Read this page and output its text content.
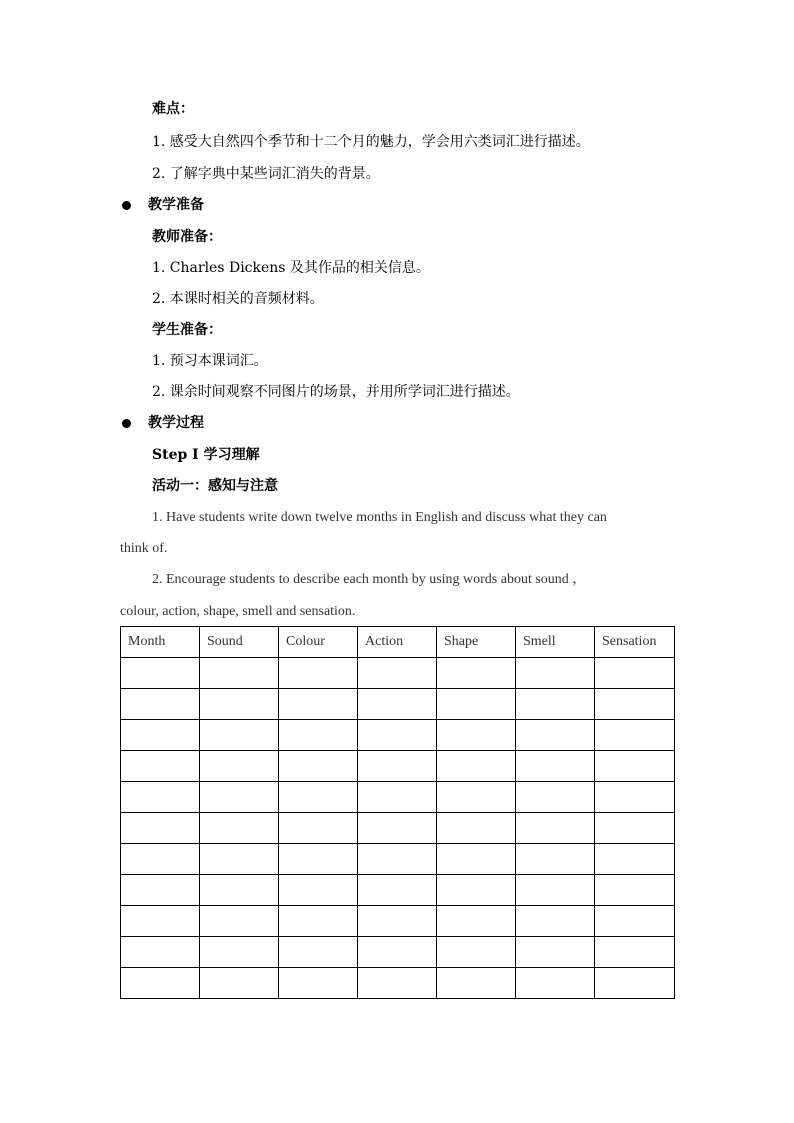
难点：
1. 感受大自然四个季节和十二个月的魅力，学会用六类词汇进行描述。
2. 了解字典中某些词汇消失的背景。
教学准备
教师准备：
1. Charles Dickens 及其作品的相关信息。
2. 本课时相关的音频材料。
学生准备：
1. 预习本课词汇。
2. 课余时间观察不同图片的场景，并用所学词汇进行描述。
教学过程
Step I 学习理解
活动一：感知与注意
1. Have students write down twelve months in English and discuss what they can
think of.
2. Encourage students to describe each month by using words about sound ，
colour, action, shape, smell and sensation.
Month	Sound	Colour	Action	Shape	Smell	Sensation
